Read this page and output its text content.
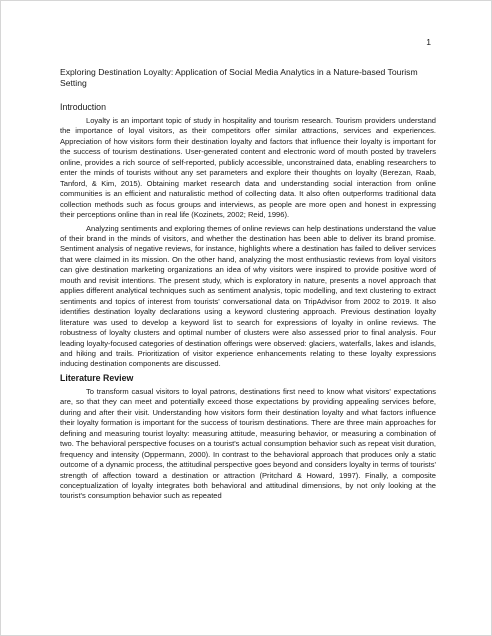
1
Exploring Destination Loyalty: Application of Social Media Analytics in a Nature-based Tourism Setting
Introduction

Loyalty is an important topic of study in hospitality and tourism research. Tourism providers understand the importance of loyal visitors, as their competitors offer similar attractions, services and experiences. Appreciation of how visitors form their destination loyalty and factors that influence their loyalty is important for the success of tourism destinations. User-generated content and electronic word of mouth posted by travelers online, provides a rich source of self-reported, publicly accessible, unconstrained data, enabling researchers to enter the minds of tourists without any set parameters and explore their thoughts on loyalty (Berezan, Raab, Tanford, & Kim, 2015). Obtaining market research data and understanding social interaction from online communities is an efficient and naturalistic method of collecting data. It also often outperforms traditional data collection methods such as focus groups and interviews, as people are more open and honest in expressing their perceptions online than in real life (Kozinets, 2002; Reid, 1996).

Analyzing sentiments and exploring themes of online reviews can help destinations understand the value of their brand in the minds of visitors, and whether the destination has been able to deliver its brand promise. Sentiment analysis of negative reviews, for instance, highlights where a destination has failed to deliver services that were claimed in its mission. On the other hand, analyzing the most enthusiastic reviews from loyal visitors can give destination marketing organizations an idea of why visitors were inspired to provide positive word of mouth and revisit intentions. The present study, which is exploratory in nature, presents a novel approach that applies different analytical techniques such as sentiment analysis, topic modelling, and text clustering to extract sentiments and topics of interest from tourists' conversational data on TripAdvisor from 2002 to 2019. It also identifies destination loyalty declarations using a keyword clustering approach. Previous destination loyalty literature was used to develop a keyword list to search for expressions of loyalty in online reviews. The robustness of loyalty clusters and optimal number of clusters were also assessed prior to final analysis. Four leading loyalty-focused categories of destination offerings were observed: glaciers, waterfalls, lakes and islands, and hiking and trails. Prioritization of visitor experience enhancements relating to these loyalty expressions inducing destination components are discussed.

Literature Review

To transform casual visitors to loyal patrons, destinations first need to know what visitors' expectations are, so that they can meet and potentially exceed those expectations by providing appealing services before, during and after their visit. Understanding how visitors form their destination loyalty and what factors influence their loyalty formation is important for the success of tourism destinations. There are three main approaches for defining and measuring tourist loyalty: measuring attitude, measuring behavior, or measuring a combination of two. The behavioral perspective focuses on a tourist's actual consumption behavior such as repeat visit duration, frequency and intensity (Oppermann, 2000). In contrast to the behavioral approach that produces only a static outcome of a dynamic process, the attitudinal perspective goes beyond and considers loyalty in terms of tourists' strength of affection toward a destination or attraction (Pritchard & Howard, 1997). Finally, a composite conceptualization of loyalty integrates both behavioral and attitudinal dimensions, by not only looking at the tourist's consumption behavior such as repeated
